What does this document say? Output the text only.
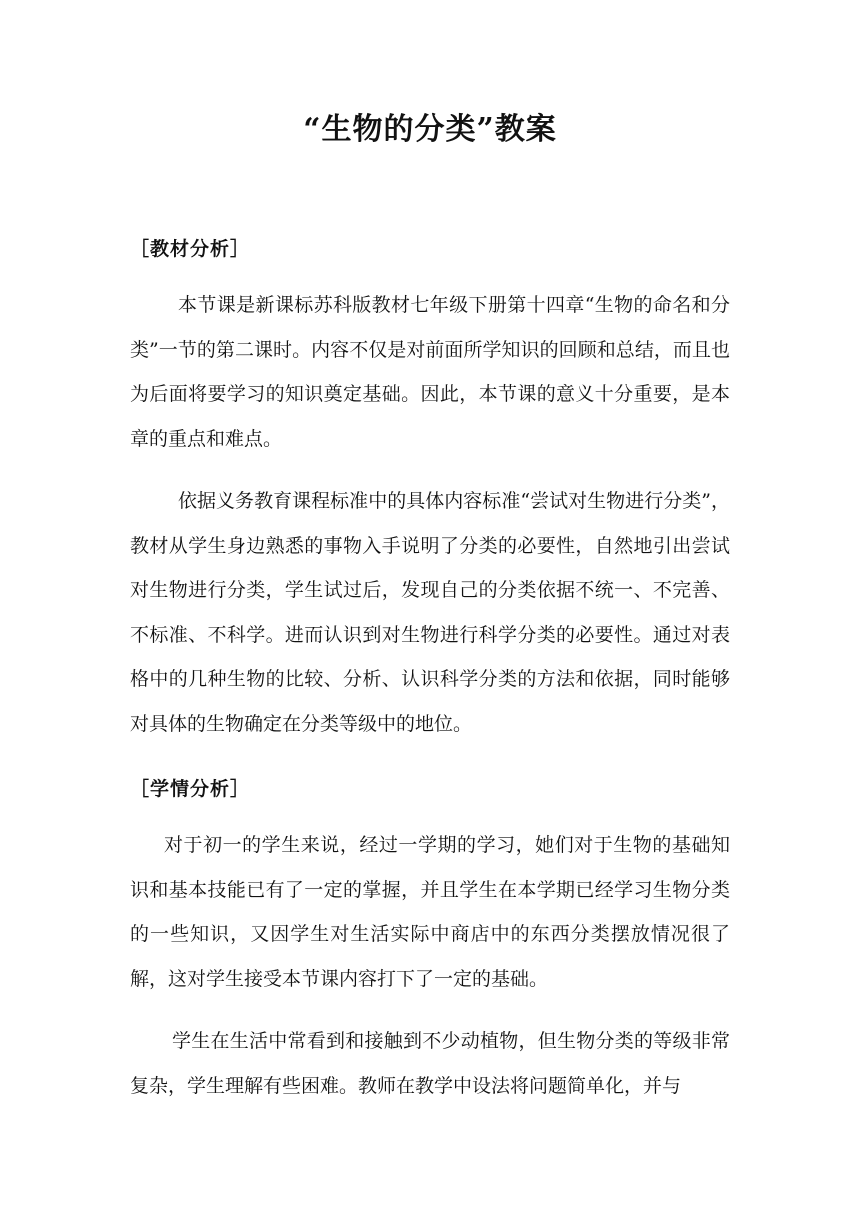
“生物的分类”教案
［教材分析］

本节课是新课标苏科版教材七年级下册第十四章“生物的命名和分类”一节的第二课时。内容不仅是对前面所学知识的回顾和总结，而且也为后面将要学习的知识奠定基础。因此，本节课的意义十分重要，是本章的重点和难点。

依据义务教育课程标准中的具体内容标准“尝试对生物进行分类”，教材从学生身边熟悉的事物入手说明了分类的必要性，自然地引出尝试对生物进行分类，学生试过后，发现自己的分类依据不统一、不完善、不标准、不科学。进而认识到对生物进行科学分类的必要性。通过对表格中的几种生物的比较、分析、认识科学分类的方法和依据，同时能够对具体的生物确定在分类等级中的地位。

［学情分析］

对于初一的学生来说，经过一学期的学习，她们对于生物的基础知识和基本技能已有了一定的掌握，并且学生在本学期已经学习生物分类的一些知识，又因学生对生活实际中商店中的东西分类摆放情况很了解，这对学生接受本节课内容打下了一定的基础。

学生在生活中常看到和接触到不少动植物，但生物分类的等级非常复杂，学生理解有些困难。教师在教学中设法将问题简单化，并与
